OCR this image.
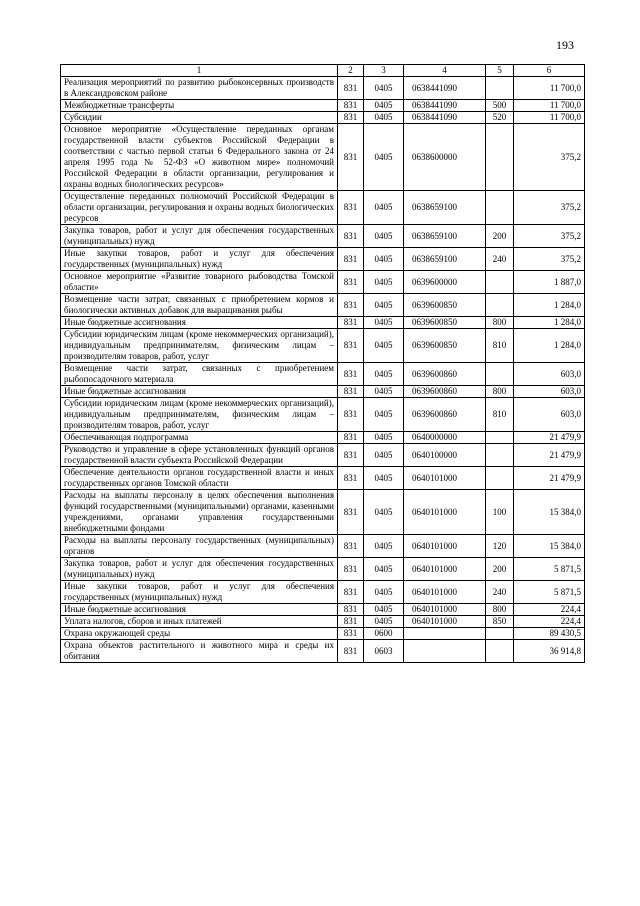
193
1	2	3	4	5	6
Реализация мероприятий по развитию рыбоконсервных производств в Александровском районе	831	0405	0638441090		11 700,0
Межбюджетные трансферты	831	0405	0638441090	500	11 700,0
Субсидии	831	0405	0638441090	520	11 700,0
Основное мероприятие «Осуществление переданных органам государственной власти субъектов Российской Федерации в соответствии с частью первой статьи 6 Федерального закона от 24 апреля 1995 года № 52-ФЗ «О животном мире» полномочий Российской Федерации в области организации, регулирования и охраны водных биологических ресурсов»	831	0405	0638600000		375,2
Осуществление переданных полномочий Российской Федерации в области организации, регулирования и охраны водных биологических ресурсов	831	0405	0638659100		375,2
Закупка товаров, работ и услуг для обеспечения государственных (муниципальных) нужд	831	0405	0638659100	200	375,2
Иные закупки товаров, работ и услуг для обеспечения государственных (муниципальных) нужд	831	0405	0638659100	240	375,2
Основное мероприятие «Развитие товарного рыбоводства Томской области»	831	0405	0639600000		1 887,0
Возмещение части затрат, связанных с приобретением кормов и биологически активных добавок для выращивания рыбы	831	0405	0639600850		1 284,0
Иные бюджетные ассигнования	831	0405	0639600850	800	1 284,0
Субсидии юридическим лицам (кроме некоммерческих организаций), индивидуальным предпринимателям, физическим лицам – производителям товаров, работ, услуг	831	0405	0639600850	810	1 284,0
Возмещение части затрат, связанных с приобретением рыбопосадочного материала	831	0405	0639600860		603,0
Иные бюджетные ассигнования	831	0405	0639600860	800	603,0
Субсидии юридическим лицам (кроме некоммерческих организаций), индивидуальным предпринимателям, физическим лицам – производителям товаров, работ, услуг	831	0405	0639600860	810	603,0
Обеспечивающая подпрограмма	831	0405	0640000000		21 479,9
Руководство и управление в сфере установленных функций органов государственной власти субъекта Российской Федерации	831	0405	0640100000		21 479,9
Обеспечение деятельности органов государственной власти и иных государственных органов Томской области	831	0405	0640101000		21 479,9
Расходы на выплаты персоналу в целях обеспечения выполнения функций государственными (муниципальными) органами, казенными учреждениями, органами управления государственными внебюджетными фондами	831	0405	0640101000	100	15 384,0
Расходы на выплаты персоналу государственных (муниципальных) органов	831	0405	0640101000	120	15 384,0
Закупка товаров, работ и услуг для обеспечения государственных (муниципальных) нужд	831	0405	0640101000	200	5 871,5
Иные закупки товаров, работ и услуг для обеспечения государственных (муниципальных) нужд	831	0405	0640101000	240	5 871,5
Иные бюджетные ассигнования	831	0405	0640101000	800	224,4
Уплата налогов, сборов и иных платежей	831	0405	0640101000	850	224,4
Охрана окружающей среды	831	0600			89 430,5
Охрана объектов растительного и животного мира и среды их обитания	831	0603			36 914,8
